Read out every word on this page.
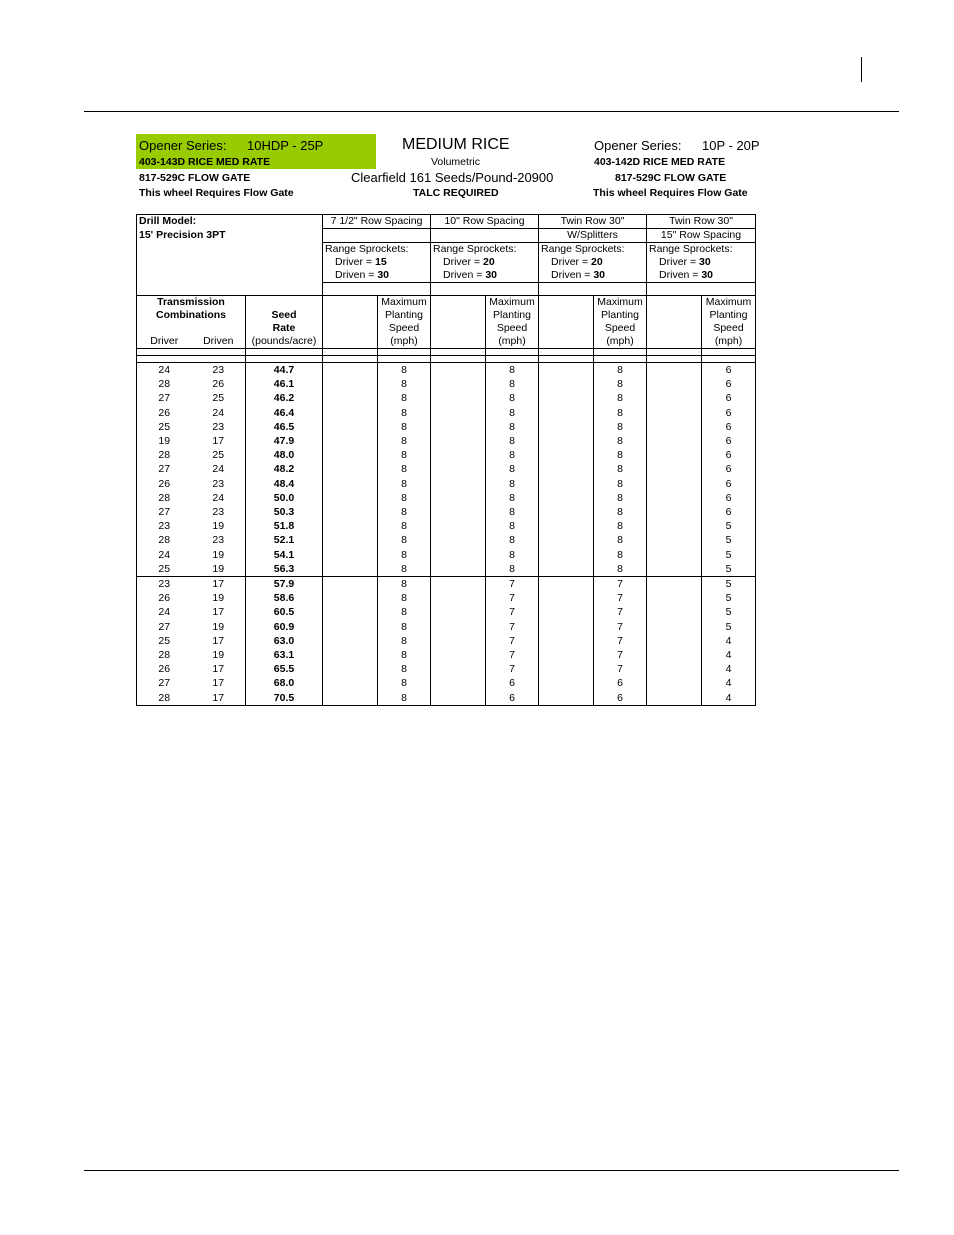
Opener Series: 10HDP - 25P
403-143D RICE MED RATE
817-529C FLOW GATE
This wheel Requires Flow Gate
MEDIUM RICE
Volumetric
Clearfield 161 Seeds/Pound-20900
TALC REQUIRED
Opener Series: 10P - 20P
403-142D RICE MED RATE
817-529C FLOW GATE
This wheel Requires Flow Gate
Drill Model:			7 1/2" Row Spacing		10" Row Spacing		Twin Row 30"		Twin Row 30"	
15' Precision 3PT							W/Splitters		15" Row Spacing	
			Range Sprockets:		Range Sprockets:		Range Sprockets:		Range Sprockets:	
			Driver = 15		Driver = 20		Driver = 20		Driver = 30	
			Driven = 30		Driven = 30		Driven = 30		Driven = 30	

Transmission				Maximum		Maximum		Maximum		Maximum
Combinations		Seed		Planting		Planting		Planting		Planting
		Rate		Speed		Speed		Speed		Speed
Driver	Driven	(pounds/acre)		(mph)		(mph)		(mph)		(mph)

24	23	44.7		8		8		8		6
28	26	46.1		8		8		8		6
27	25	46.2		8		8		8		6
26	24	46.4		8		8		8		6
25	23	46.5		8		8		8		6
19	17	47.9		8		8		8		6
28	25	48.0		8		8		8		6
27	24	48.2		8		8		8		6
26	23	48.4		8		8		8		6
28	24	50.0		8		8		8		6
27	23	50.3		8		8		8		6
23	19	51.8		8		8		8		5
28	23	52.1		8		8		8		5
24	19	54.1		8		8		8		5
25	19	56.3		8		8		8		5
23	17	57.9		8		7		7		5
26	19	58.6		8		7		7		5
24	17	60.5		8		7		7		5
27	19	60.9		8		7		7		5
25	17	63.0		8		7		7		4
28	19	63.1		8		7		7		4
26	17	65.5		8		7		7		4
27	17	68.0		8		6		6		4
28	17	70.5		8		6		6		4
